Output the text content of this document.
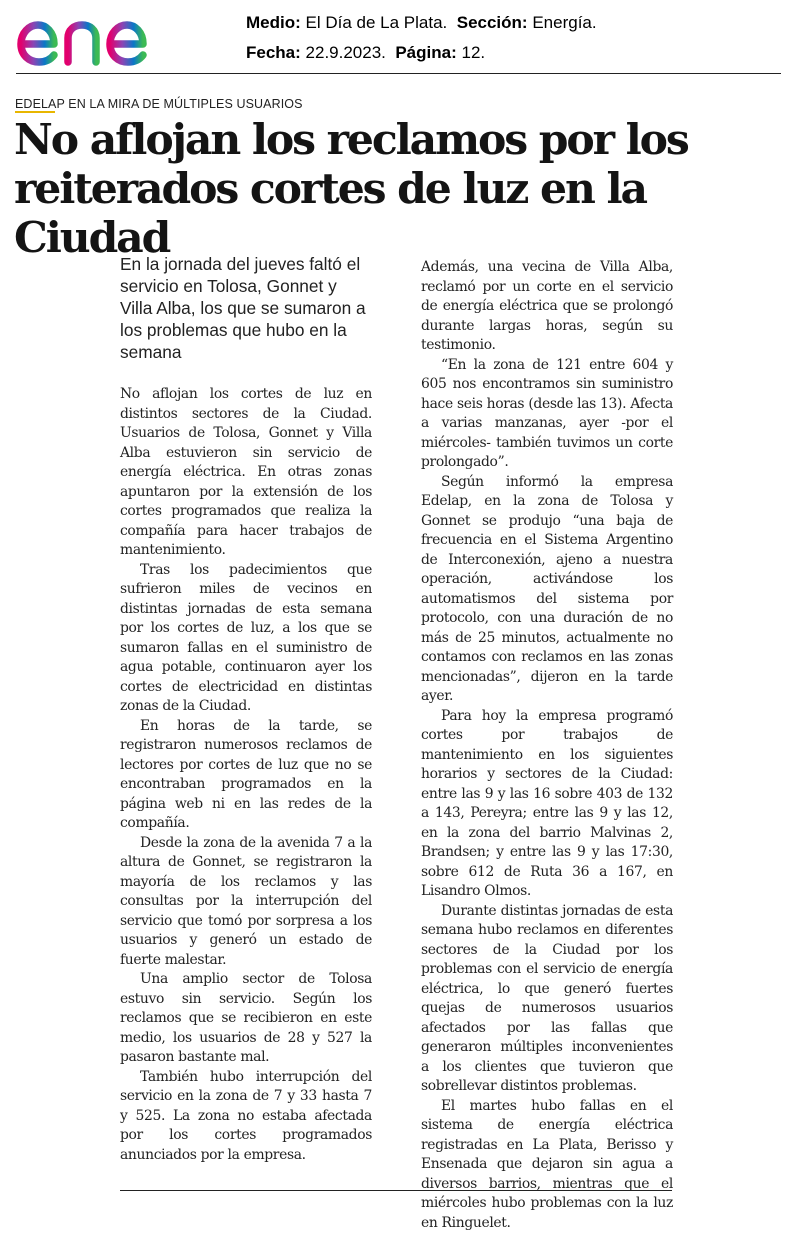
Medio: El Día de La Plata. Sección: Energía.
Fecha: 22.9.2023. Página: 12.
EDELAP EN LA MIRA DE MÚLTIPLES USUARIOS
No aflojan los reclamos por los reiterados cortes de luz en la Ciudad

En la jornada del jueves faltó el servicio en Tolosa, Gonnet y Villa Alba, los que se sumaron a los problemas que hubo en la semana

No aflojan los cortes de luz en distintos sectores de la Ciudad. Usuarios de Tolosa, Gonnet y Villa Alba estuvieron sin servicio de energía eléctrica. En otras zonas apuntaron por la extensión de los cortes programados que realiza la compañía para hacer trabajos de mantenimiento.

Tras los padecimientos que sufrieron miles de vecinos en distintas jornadas de esta semana por los cortes de luz, a los que se sumaron fallas en el suministro de agua potable, continuaron ayer los cortes de electricidad en distintas zonas de la Ciudad.

En horas de la tarde, se registraron numerosos reclamos de lectores por cortes de luz que no se encontraban programados en la página web ni en las redes de la compañía.

Desde la zona de la avenida 7 a la altura de Gonnet, se registraron la mayoría de los reclamos y las consultas por la interrupción del servicio que tomó por sorpresa a los usuarios y generó un estado de fuerte malestar.

Una amplio sector de Tolosa estuvo sin servicio. Según los reclamos que se recibieron en este medio, los usuarios de 28 y 527 la pasaron bastante mal.

También hubo interrupción del servicio en la zona de 7 y 33 hasta 7 y 525. La zona no estaba afectada por los cortes programados anunciados por la empresa.

Además, una vecina de Villa Alba, reclamó por un corte en el servicio de energía eléctrica que se prolongó durante largas horas, según su testimonio.

“En la zona de 121 entre 604 y 605 nos encontramos sin suministro hace seis horas (desde las 13). Afecta a varias manzanas, ayer -por el miércoles- también tuvimos un corte prolongado”.

Según informó la empresa Edelap, en la zona de Tolosa y Gonnet se produjo “una baja de frecuencia en el Sistema Argentino de Interconexión, ajeno a nuestra operación, activándose los automatismos del sistema por protocolo, con una duración de no más de 25 minutos, actualmente no contamos con reclamos en las zonas mencionadas”, dijeron en la tarde ayer.

Para hoy la empresa programó cortes por trabajos de mantenimiento en los siguientes horarios y sectores de la Ciudad: entre las 9 y las 16 sobre 403 de 132 a 143, Pereyra; entre las 9 y las 12, en la zona del barrio Malvinas 2, Brandsen; y entre las 9 y las 17:30, sobre 612 de Ruta 36 a 167, en Lisandro Olmos.

Durante distintas jornadas de esta semana hubo reclamos en diferentes sectores de la Ciudad por los problemas con el servicio de energía eléctrica, lo que generó fuertes quejas de numerosos usuarios afectados por las fallas que generaron múltiples inconvenientes a los clientes que tuvieron que sobrellevar distintos problemas.

El martes hubo fallas en el sistema de energía eléctrica registradas en La Plata, Berisso y Ensenada que dejaron sin agua a diversos barrios, mientras que el miércoles hubo problemas con la luz en Ringuelet.
